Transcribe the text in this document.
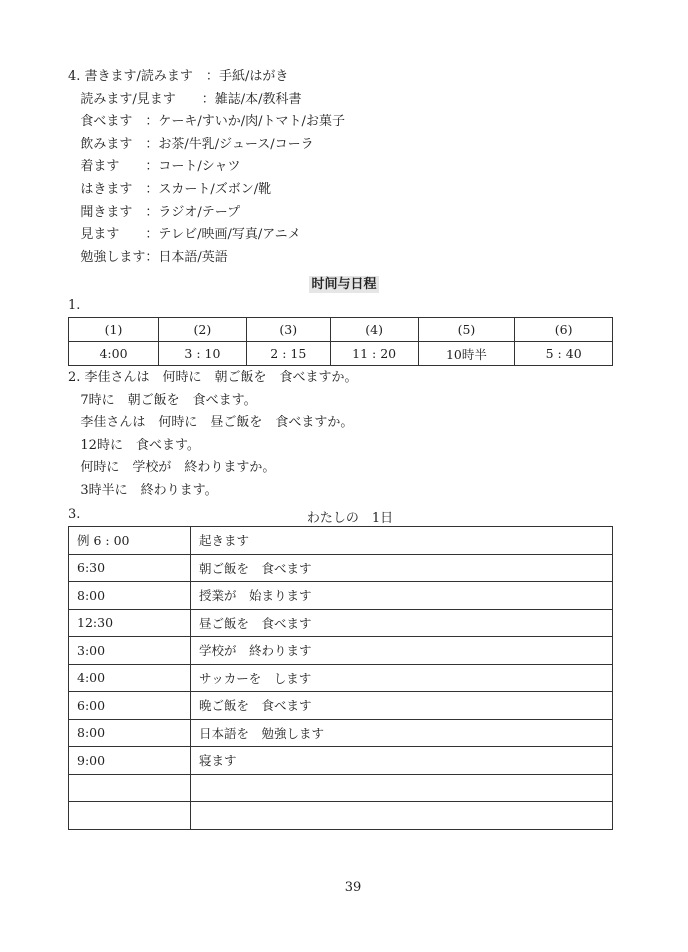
4. 書きます/読みます　： 手紙/はがき

読みます/見ます　　： 雑誌/本/教科書

食べます　： ケーキ/すいか/肉/トマト/お菓子

飲みます　： お茶/牛乳/ジュース/コーラ

着ます　　： コート/シャツ

はきます　： スカート/ズボン/靴

聞きます　： ラジオ/テープ

見ます　　： テレビ/映画/写真/アニメ

勉強します： 日本語/英語
时间与日程
1.
(1)	(2)	(3)	(4)	(5)	(6)
4:00	3 : 10	2 : 15	11 : 20	10時半	5 : 40
2. 李佳さんは　何時に　朝ご飯を　食べますか。
7時に　朝ご飯を　食べます。
李佳さんは　何時に　昼ご飯を　食べますか。
12時に　食べます。
何時に　学校が　終わりますか。
3時半に　終わります。
3.	わたしの　1日
例 6 : 00	起きます
6:30	朝ご飯を　食べます
8:00	授業が　始まります
12:30	昼ご飯を　食べます
3:00	学校が　終わります
4:00	サッカーを　します
6:00	晩ご飯を　食べます
8:00	日本語を　勉強します
9:00	寝ます

39
